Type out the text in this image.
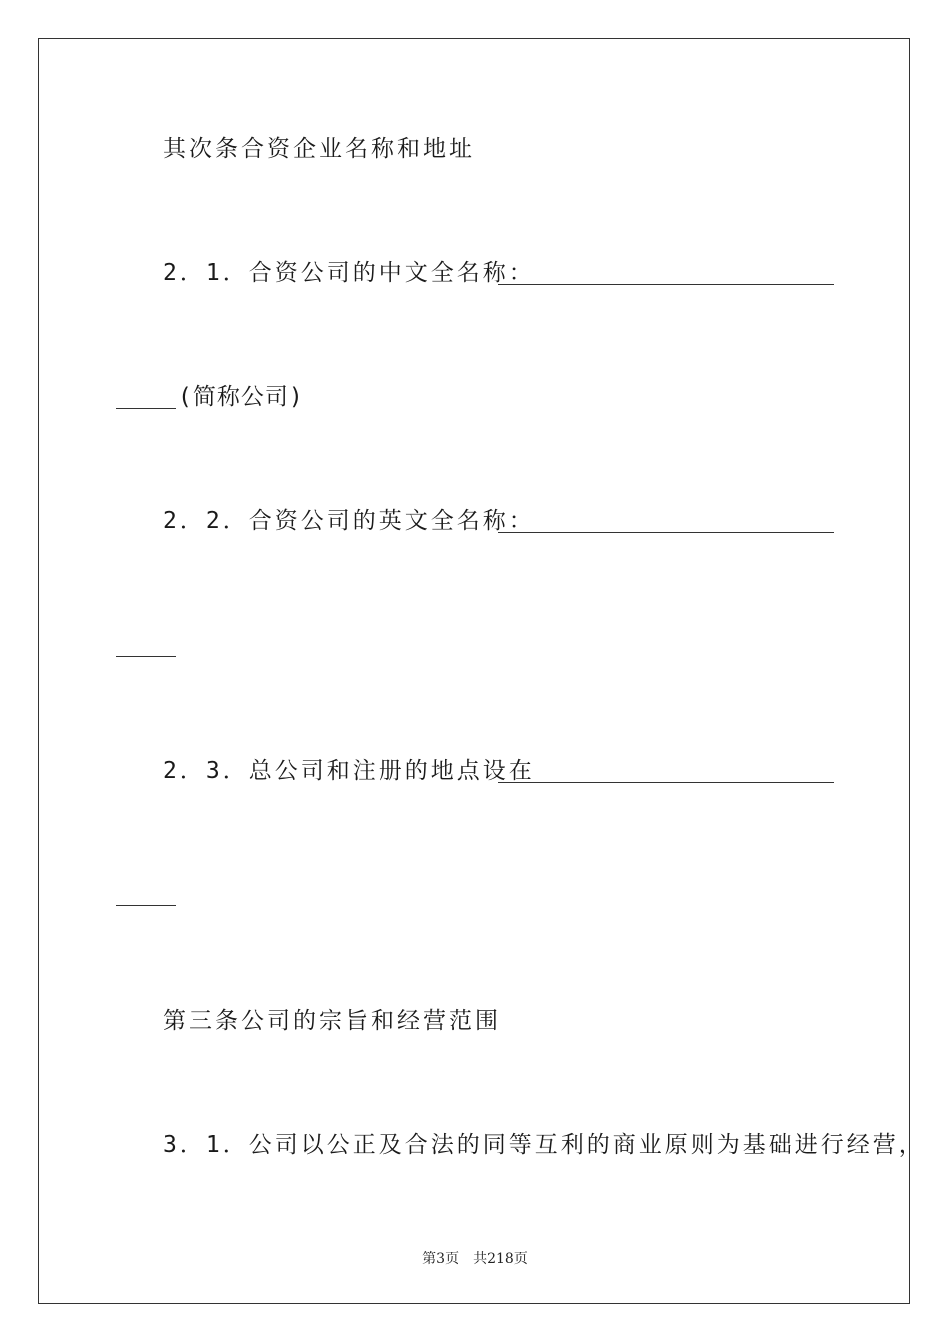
其次条合资企业名称和地址
2．1．合资公司的中文全名称：
(简称公司)
2．2．合资公司的英文全名称：
2．3．总公司和注册的地点设在
第三条公司的宗旨和经营范围
3．1．公司以公正及合法的同等互利的商业原则为基础进行经营，
第3页 共218页
